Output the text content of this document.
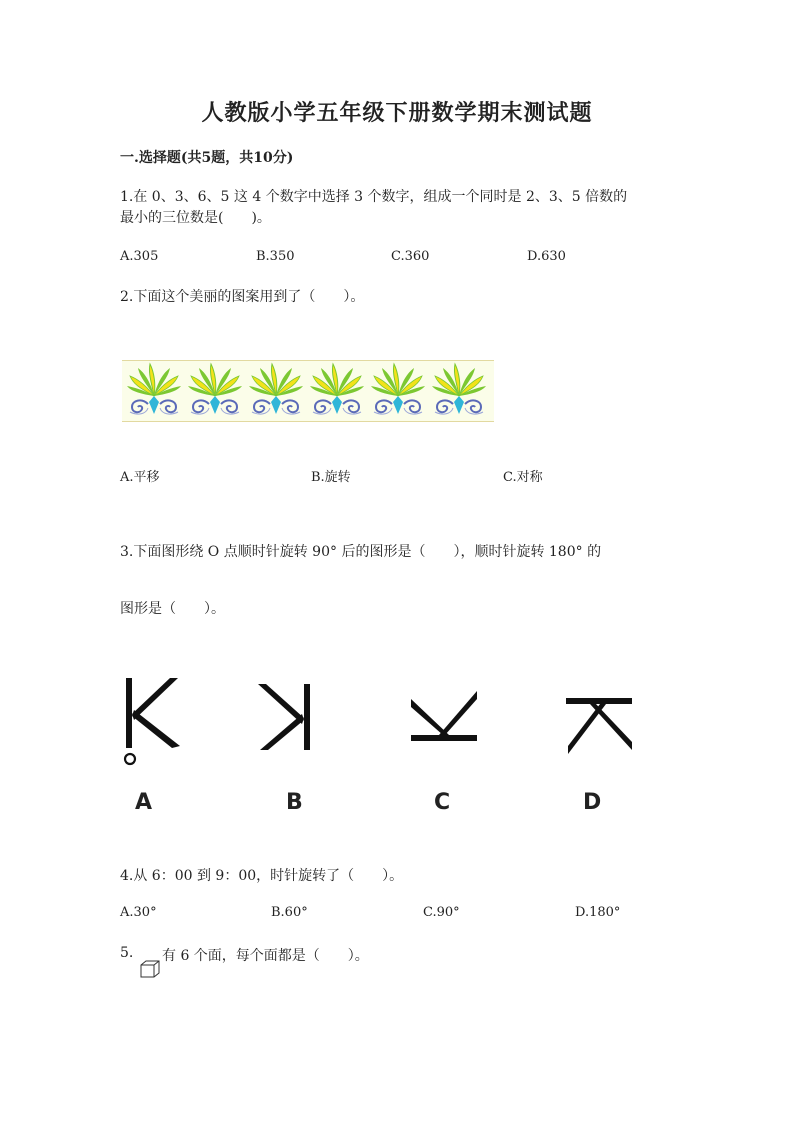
人教版小学五年级下册数学期末测试题
一.选择题(共5题，共10分)
1.在 0、3、6、5 这 4 个数字中选择 3 个数字，组成一个同时是 2、3、5 倍数的
最小的三位数是(　　)。
A.305	B.350	C.360	D.630
2.下面这个美丽的图案用到了（　　）。
A.平移	B.旋转	C.对称
3.下面图形绕 O 点顺时针旋转 90° 后的图形是（　　），顺时针旋转 180° 的
图形是（　　）。
A	B	C	D
4.从 6：00 到 9：00，时针旋转了（　　）。
A.30°	B.60°	C.90°	D.180°
5. 有 6 个面，每个面都是（　　）。
